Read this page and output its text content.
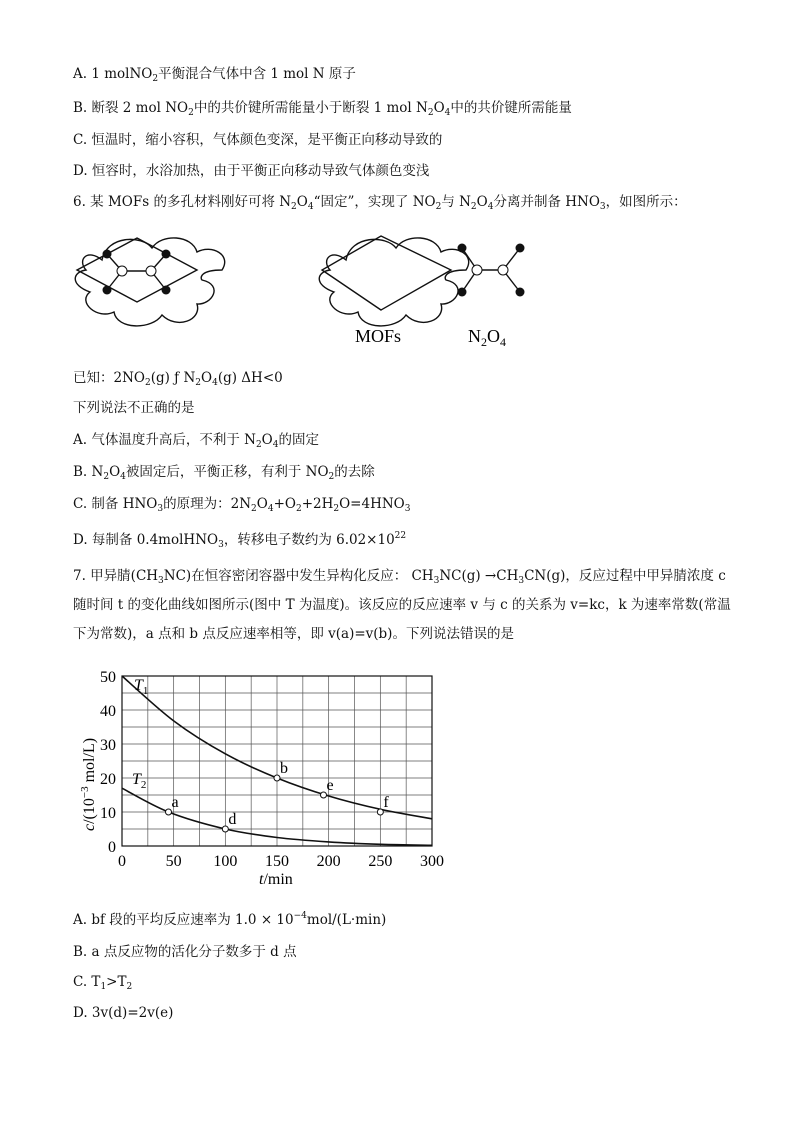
A. 1 molNO$_2$平衡混合气体中含 1 mol N 原子
B. 断裂 2 mol $NO_2$中的共价键所需能量小于断裂 1 mol $N_2O_4$中的共价键所需能量
C. 恒温时，缩小容积，气体颜色变深，是平衡正向移动导致的
D. 恒容时，水浴加热，由于平衡正向移动导致气体颜色变浅
6. 某 MOFs 的多孔材料刚好可将 $N_2O_4“$固定”，实现了 $NO_2$与 $N_2O_4$分离并制备 $HNO_3$，如图所示：
MOFs	$N_2O_4$
已知：$2NO_2(g)$ ƒ $N_2O_4(g)$ ΔH<0
下列说法不正确的是
A. 气体温度升高后，不利于 $N_2O_4$的固定
B. $N_2O_4$被固定后，平衡正移，有利于 $NO_2$的去除
C. 制备 $HNO_3$的原理为：$2N_2O_4+O_2+2H_2O=4HNO_3$
D. 每制备 0.4molHNO$_3$，转移电子数约为 $6.02\times 10^{22}$
7. 甲异腈$(CH_3NC)$在恒容密闭容器中发生异构化反应： $CH_3NC(g) \to CH_3CN(g)$，反应过程中甲异腈浓度 c 随时间 t 的变化曲线如图所示(图中 T 为温度)。该反应的反应速率 v 与 c 的关系为 v=kc，k 为速率常数(常温下为常数)，a 点和 b 点反应速率相等，即 v(a)=v(b)。下列说法错误的是
0 50 100 150 200 250 300
0
10
20
30
40
50 $T_1$
$T_2$
a
b
d
e
f
t/min
$c/(10^{-3}$ mol/L)
A. bf 段的平均反应速率为 $1.0 \times 10^{-4}mol/(L\cdot\min)$
B. a 点反应物的活化分子数多于 d 点
C. $T_1>T_2$
D. 3v(d)=2v(e)
